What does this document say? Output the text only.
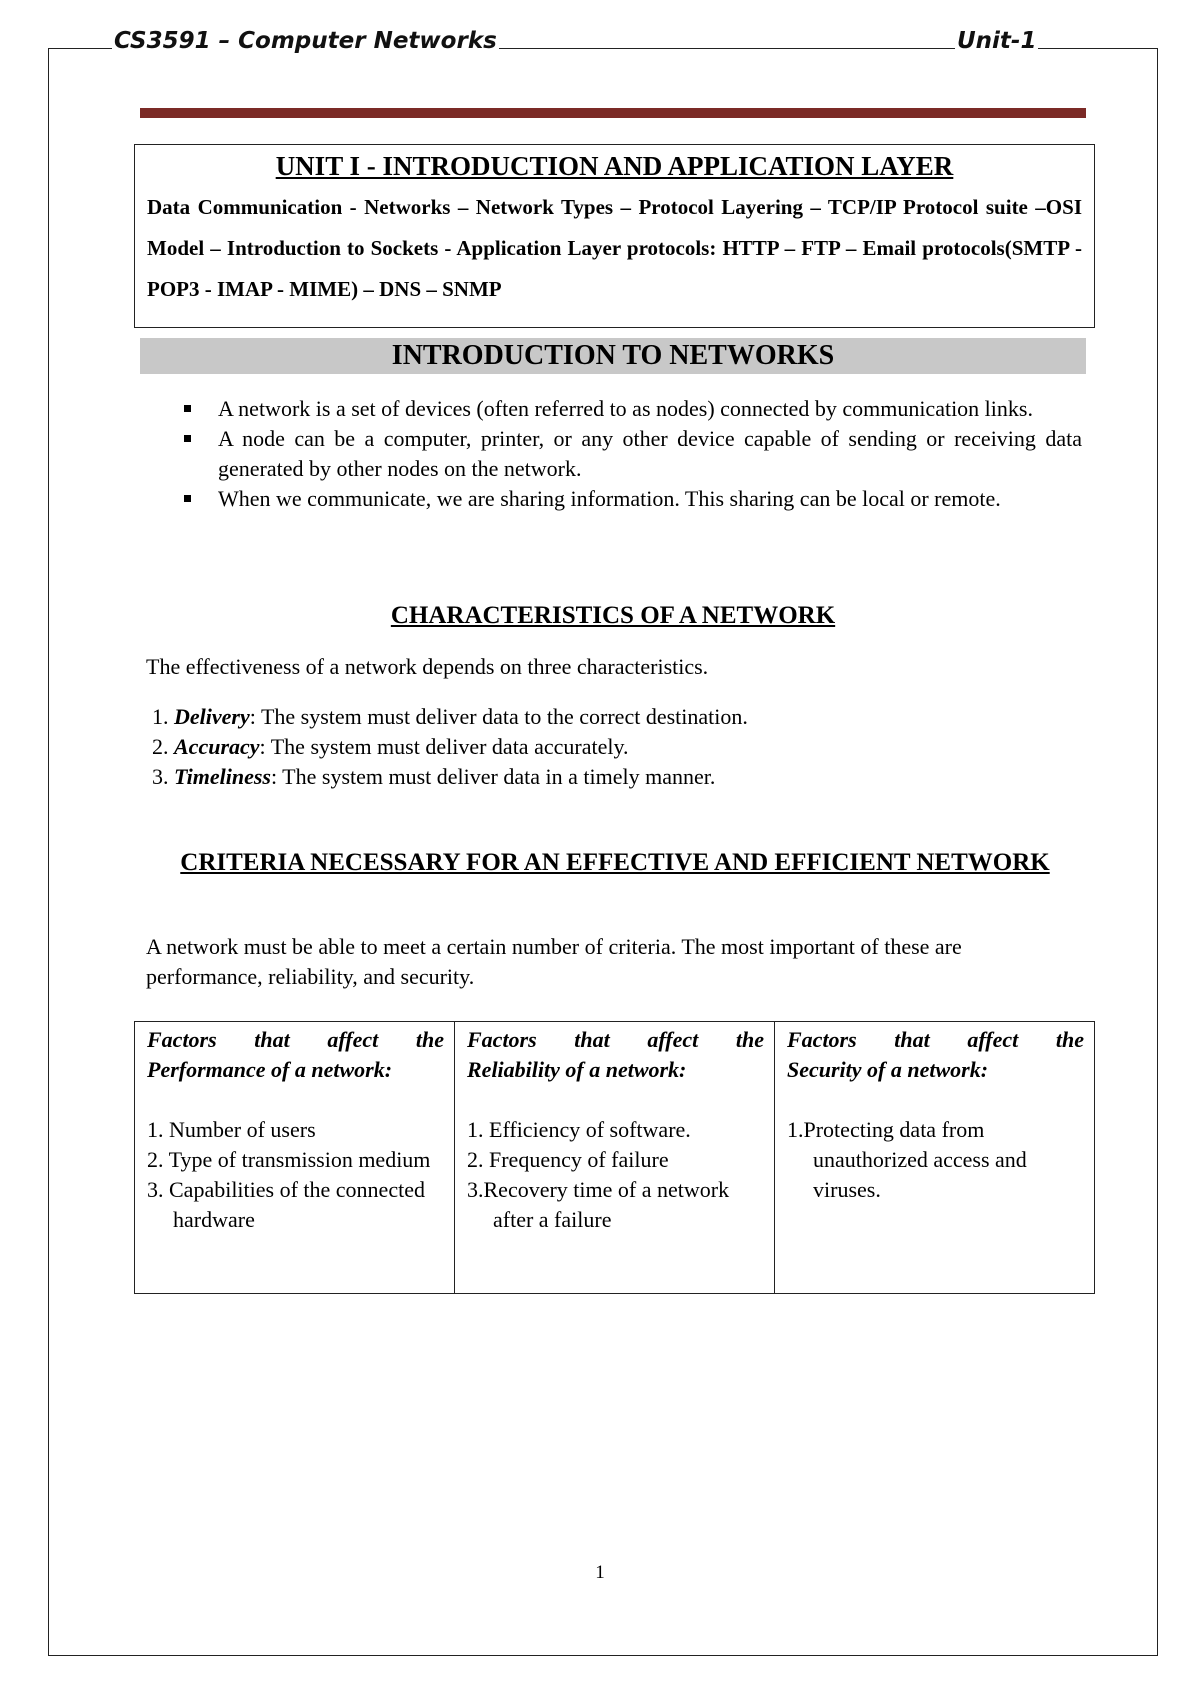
CS3591 – Computer Networks	Unit-1
UNIT I - INTRODUCTION AND APPLICATION LAYER

Data Communication - Networks – Network Types – Protocol Layering – TCP/IP Protocol suite –OSI Model – Introduction to Sockets - Application Layer protocols: HTTP – FTP – Email protocols(SMTP - POP3 - IMAP - MIME) – DNS – SNMP

INTRODUCTION TO NETWORKS
A network is a set of devices (often referred to as nodes) connected by communication links.
A node can be a computer, printer, or any other device capable of sending or receiving data generated by other nodes on the network.
When we communicate, we are sharing information. This sharing can be local or remote.
CHARACTERISTICS OF A NETWORK
The effectiveness of a network depends on three characteristics.
1. Delivery: The system must deliver data to the correct destination.
2. Accuracy: The system must deliver data accurately.
3. Timeliness: The system must deliver data in a timely manner.
CRITERIA NECESSARY FOR AN EFFECTIVE AND EFFICIENT NETWORK
A network must be able to meet a certain number of criteria. The most important of these are performance, reliability, and security.
Factors that affect the
Performance of a network:
1. Number of users
2. Type of transmission medium
3. Capabilities of the connected hardware

Factors that affect the
Reliability of a network:
1. Efficiency of software.
2. Frequency of failure
3.Recovery time of a network after a failure

Factors that affect the
Security of a network:
1.Protecting data from unauthorized access and viruses.
1
